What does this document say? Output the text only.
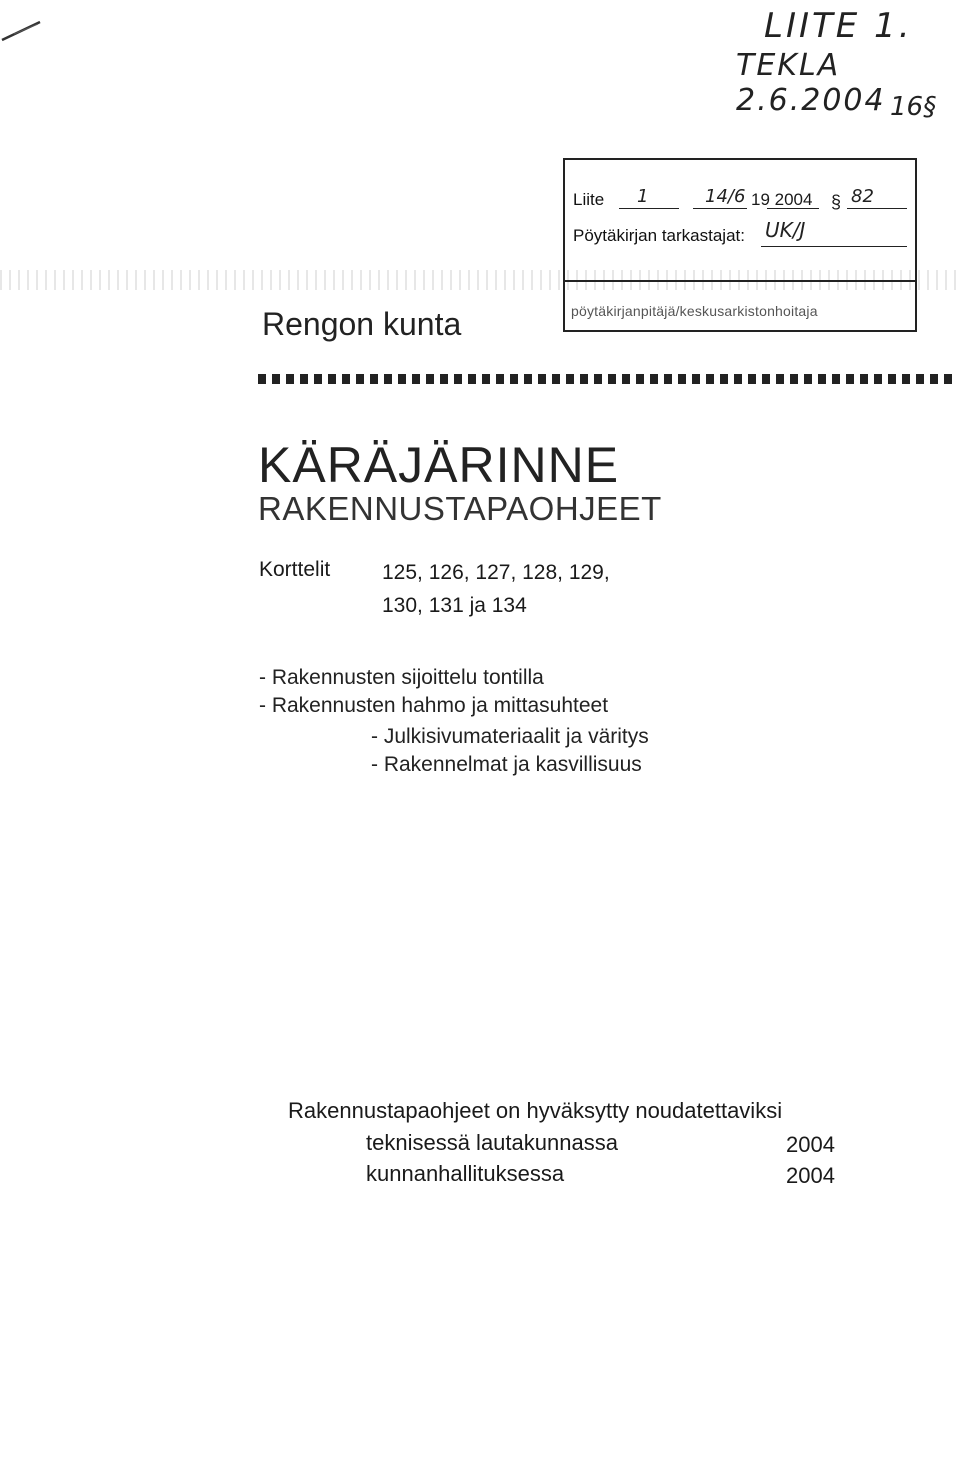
LIITE 1.
TEKLA 2.6.2004 16§
Liite 1	14/6 19 2004 § 82
Pöytäkirjan tarkastajat: UK/J
pöytäkirjanpitäjä/keskusarkistonhoitaja
Rengon kunta
KÄRÄJÄRINNE
RAKENNUSTAPAOHJEET
Korttelit 125, 126, 127, 128, 129,
130, 131 ja 134
- Rakennusten sijoittelu tontilla
- Rakennusten hahmo ja mittasuhteet
- Julkisivumateriaalit ja väritys
- Rakennelmat ja kasvillisuus
Rakennustapaohjeet on hyväksytty noudatettaviksi
teknisessä lautakunnassa	2004
kunnanhallituksessa	2004
